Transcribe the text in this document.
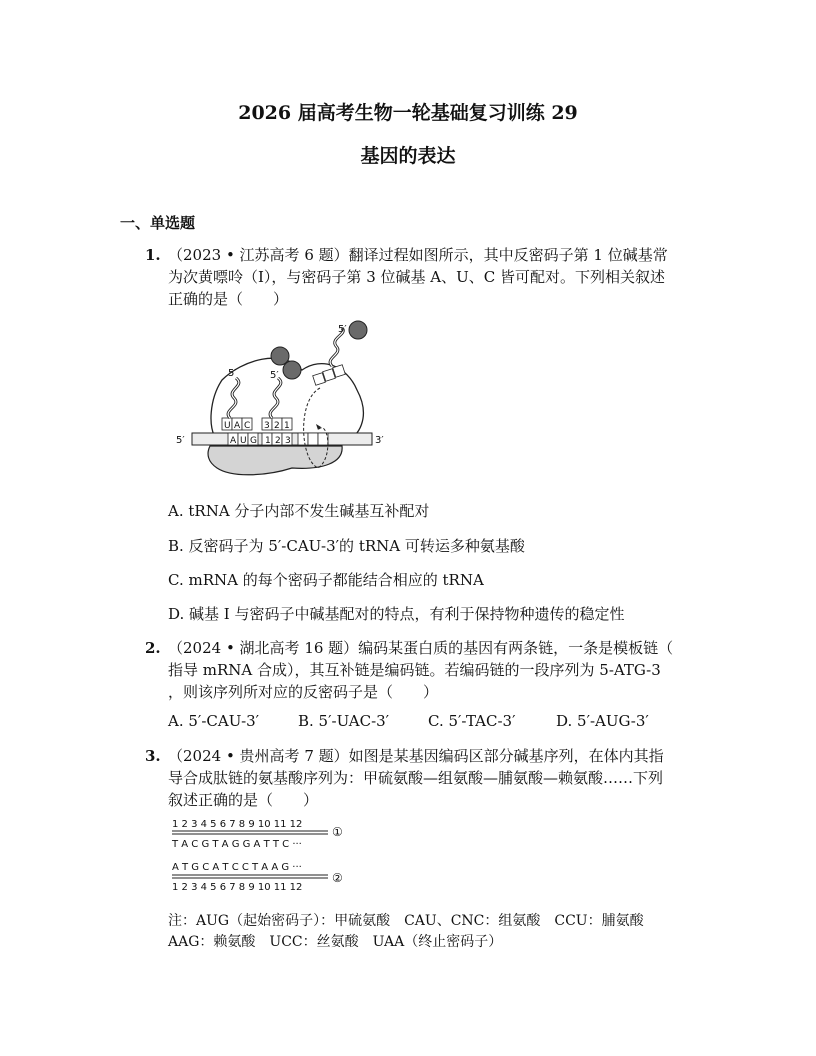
2026 届高考生物一轮基础复习训练 29
基因的表达
一、单选题
1. （2023 • 江苏高考 6 题）翻译过程如图所示，其中反密码子第 1 位碱基常
为次黄嘌呤（I），与密码子第 3 位碱基 A、U、C 皆可配对。下列相关叙述
正确的是（　　）
5′	3′
A U G 1 2 3
U A C
5′
3 2 1
5′
5′
A. tRNA 分子内部不发生碱基互补配对
B. 反密码子为 5′-CAU-3′的 tRNA 可转运多种氨基酸
C. mRNA 的每个密码子都能结合相应的 tRNA
D. 碱基 I 与密码子中碱基配对的特点，有利于保持物种遗传的稳定性
2. （2024 • 湖北高考 16 题）编码某蛋白质的基因有两条链，一条是模板链（
指导 mRNA 合成），其互补链是编码链。若编码链的一段序列为 5-ATG-3
，则该序列所对应的反密码子是（　　）
A. 5′-CAU-3′	B. 5′-UAC-3′	C. 5′-TAC-3′	D. 5′-AUG-3′
3. （2024 • 贵州高考 7 题）如图是某基因编码区部分碱基序列，在体内其指
导合成肽链的氨基酸序列为：甲硫氨酸—组氨酸—脯氨酸—赖氨酸……下列
叙述正确的是（　　）
1 2 3 4 5 6 7 8 9 10 11 12
①
T A C G T A G G A T T C ···
A T G C A T C C T A A G ···
②
1 2 3 4 5 6 7 8 9 10 11 12
注：AUG（起始密码子）：甲硫氨酸　CAU、CNC：组氨酸　CCU：脯氨酸
AAG：赖氨酸　UCC：丝氨酸　UAA（终止密码子）
